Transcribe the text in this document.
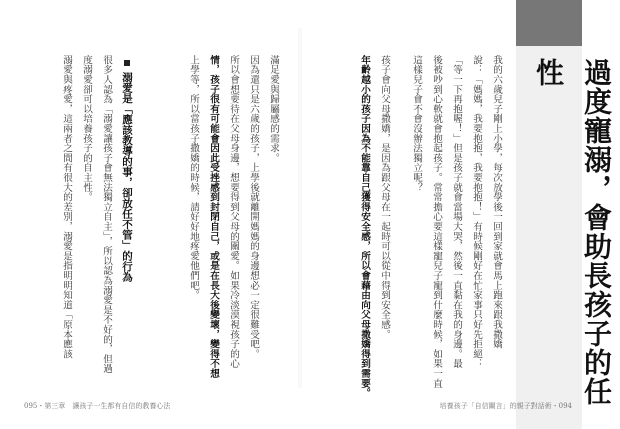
過度寵溺，會助長孩子的任性
我的六歲兒子剛上小學，每次放學後一回到家就會馬上跑來跟我撒嬌
說：「媽媽，我要抱抱，我要抱抱！」有時候剛好在忙家事只好先拒絕：
「等一下再抱喔！」但是孩子就會當場大哭，然後一直黏在我的身邊。最
後被吵到心軟就會抱起孩子。常常擔心要這樣寵兒子寵到什麼時候，如果一直
這樣兒子會不會沒辦法獨立呢？
孩子會向父母撒嬌，是因為跟父母在一起時可以從中得到安全感。
年齡越小的孩子因為不能靠自己獲得安全感，所以會藉由向父母撒嬌得到需要。
滿足愛與歸屬感的需求。
因為還只是六歲的孩子，上學後就離開媽媽的身邊想必一定很難受吧。
所以會想要待在父母身邊，想要得到父母的關愛。如果冷淡漠視孩子的心
情，孩子很有可能會因此受挫感到封閉自己，或是在長大後變壞，變得不想
上學等，所以當孩子撒嬌的時候，請好好地疼愛他們吧。
溺愛是「應該教導的事，卻放任不管」的行為
很多人認為「溺愛讓孩子會無法獨立自主」，所以認為溺愛是不好的，但過
度溺愛卻可以培養孩子的自主性。
溺愛與疼愛，這兩者之間有很大的差別，溺愛是指明明知道「原本應該
095・第三章　讓孩子一生都有自信的教養心法	培養孩子「自信關言」的親子對話術・094
